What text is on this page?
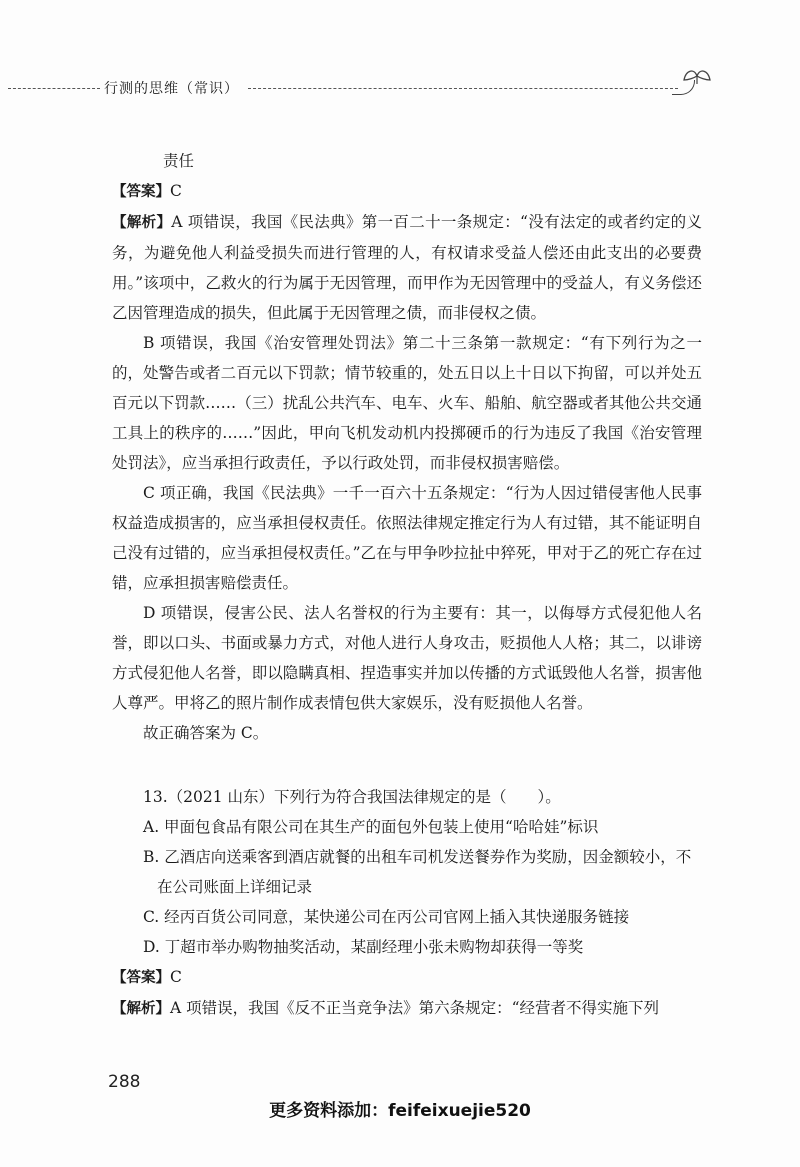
行测的思维（常识）

责任

【答案】C

【解析】A 项错误，我国《民法典》第一百二十一条规定：“没有法定的或者约定的义务，为避免他人利益受损失而进行管理的人，有权请求受益人偿还由此支出的必要费用。”该项中，乙救火的行为属于无因管理，而甲作为无因管理中的受益人，有义务偿还乙因管理造成的损失，但此属于无因管理之债，而非侵权之债。

B 项错误，我国《治安管理处罚法》第二十三条第一款规定：“有下列行为之一的，处警告或者二百元以下罚款；情节较重的，处五日以上十日以下拘留，可以并处五百元以下罚款……（三）扰乱公共汽车、电车、火车、船舶、航空器或者其他公共交通工具上的秩序的……”因此，甲向飞机发动机内投掷硬币的行为违反了我国《治安管理处罚法》，应当承担行政责任，予以行政处罚，而非侵权损害赔偿。

C 项正确，我国《民法典》一千一百六十五条规定：“行为人因过错侵害他人民事权益造成损害的，应当承担侵权责任。依照法律规定推定行为人有过错，其不能证明自己没有过错的，应当承担侵权责任。”乙在与甲争吵拉扯中猝死，甲对于乙的死亡存在过错，应承担损害赔偿责任。

D 项错误，侵害公民、法人名誉权的行为主要有：其一，以侮辱方式侵犯他人名誉，即以口头、书面或暴力方式，对他人进行人身攻击，贬损他人人格；其二，以诽谤方式侵犯他人名誉，即以隐瞒真相、捏造事实并加以传播的方式诋毁他人名誉，损害他人尊严。甲将乙的照片制作成表情包供大家娱乐，没有贬损他人名誉。

故正确答案为 C。

13.（2021 山东）下列行为符合我国法律规定的是（　　）。

A. 甲面包食品有限公司在其生产的面包外包装上使用“哈哈娃”标识

B. 乙酒店向送乘客到酒店就餐的出租车司机发送餐券作为奖励，因金额较小，不

在公司账面上详细记录

C. 经丙百货公司同意，某快递公司在丙公司官网上插入其快递服务链接

D. 丁超市举办购物抽奖活动，某副经理小张未购物却获得一等奖

【答案】C

【解析】A 项错误，我国《反不正当竞争法》第六条规定：“经营者不得实施下列

288
更多资料添加：feifeixuejie520
